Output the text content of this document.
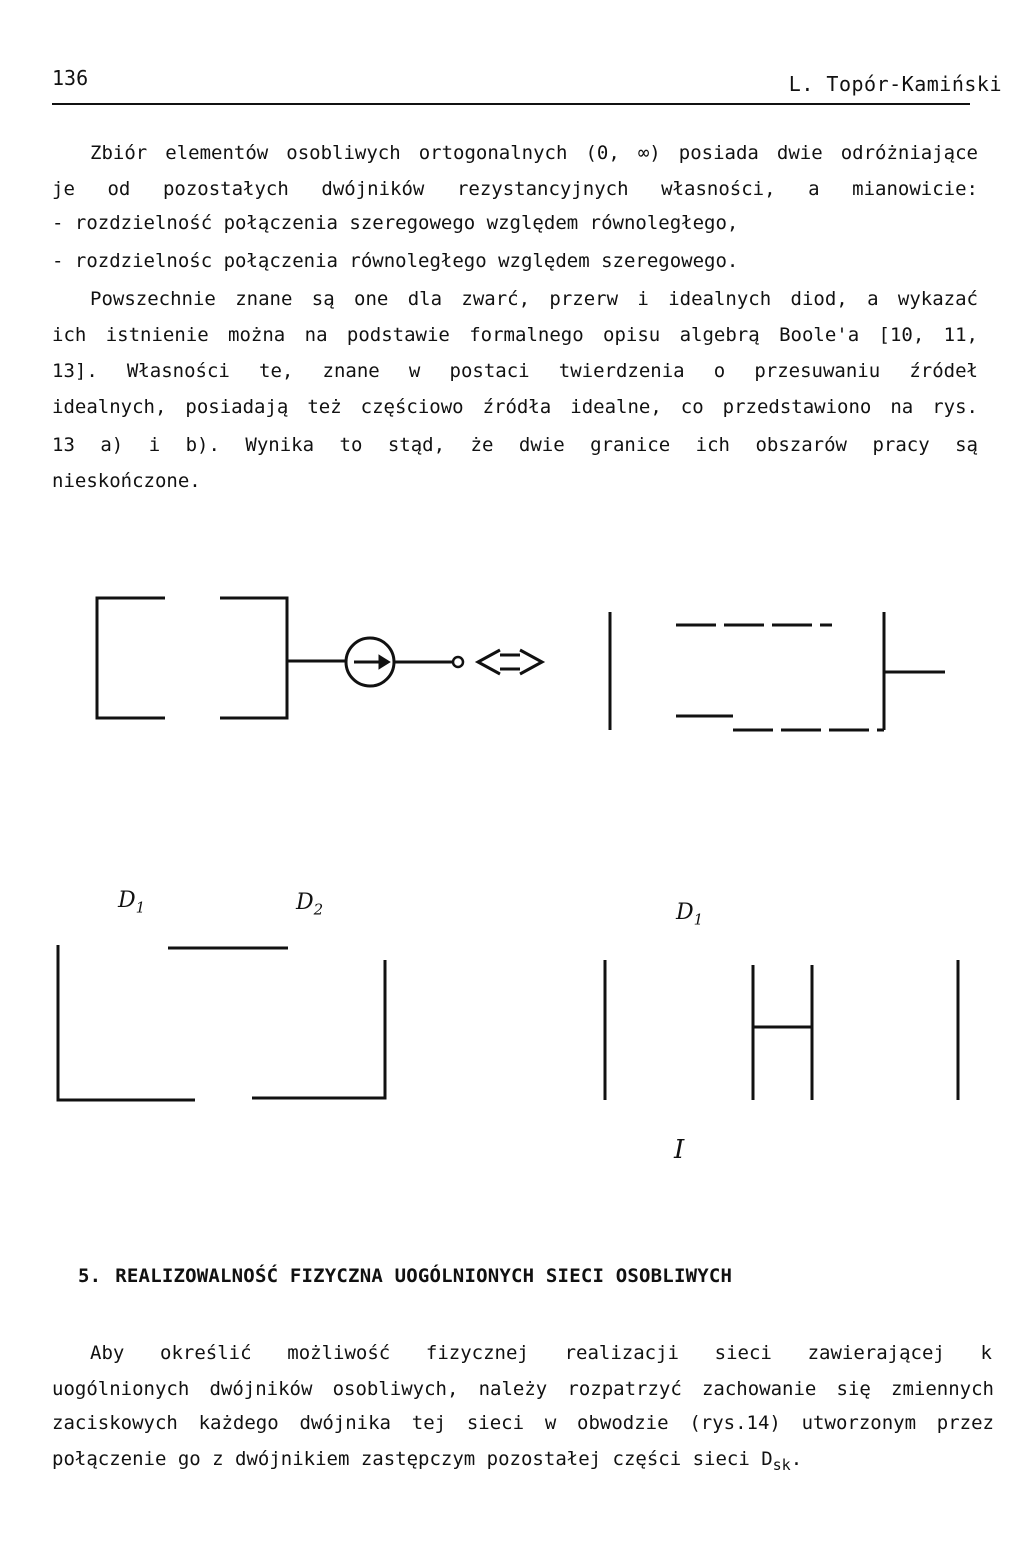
136	L. Topór-Kamiński
Zbiór elementów osobliwych ortogonalnych (0, ∞) posiada dwie odróżniające
je od pozostałych dwójników rezystancyjnych własności, a mianowicie:
- rozdzielność połączenia szeregowego względem równoległego,
- rozdzielnośc połączenia równoległego względem szeregowego.
Powszechnie znane są one dla zwarć, przerw i idealnych diod, a wykazać
ich istnienie można na podstawie formalnego opisu algebrą Boole'a [10, 11,
13]. Własności te, znane w postaci twierdzenia o przesuwaniu źródeł
idealnych, posiadają też częściowo źródła idealne, co przedstawiono na rys.
13 a) i b). Wynika to stąd, że dwie granice ich obszarów pracy są
nieskończone.
$D_1$	$D_2$	$D_1$
I
5. REALIZOWALNOŚĆ FIZYCZNA UOGÓLNIONYCH SIECI OSOBLIWYCH
Aby określić możliwość fizycznej realizacji sieci zawierającej k
uogólnionych dwójników osobliwych, należy rozpatrzyć zachowanie się zmiennych
zaciskowych każdego dwójnika tej sieci w obwodzie (rys.14) utworzonym przez
połączenie go z dwójnikiem zastępczym pozostałej części sieci $D_{sk}$.
